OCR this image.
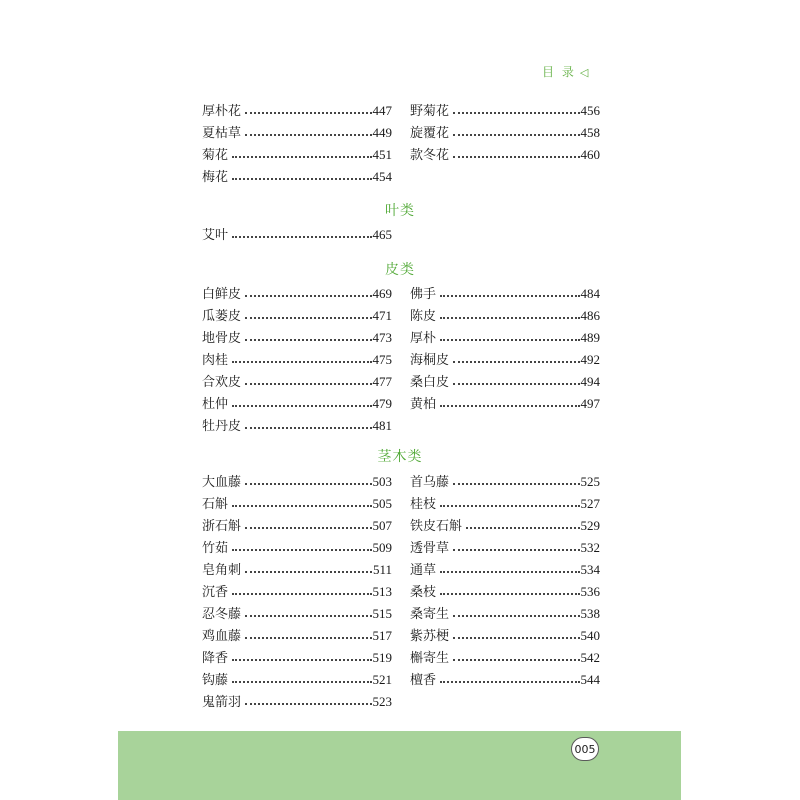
目 录 ◁
厚朴花	447
夏枯草	449
菊花	451
梅花	454
野菊花	456
旋覆花	458
款冬花	460
叶类
艾叶	465
皮类
白鲜皮	469
瓜蒌皮	471
地骨皮	473
肉桂	475
合欢皮	477
杜仲	479
牡丹皮	481
佛手	484
陈皮	486
厚朴	489
海桐皮	492
桑白皮	494
黄柏	497
茎木类
大血藤	503
石斛	505
浙石斛	507
竹茹	509
皂角刺	511
沉香	513
忍冬藤	515
鸡血藤	517
降香	519
钩藤	521
鬼箭羽	523
首乌藤	525
桂枝	527
铁皮石斛	529
透骨草	532
通草	534
桑枝	536
桑寄生	538
紫苏梗	540
槲寄生	542
檀香	544
005
